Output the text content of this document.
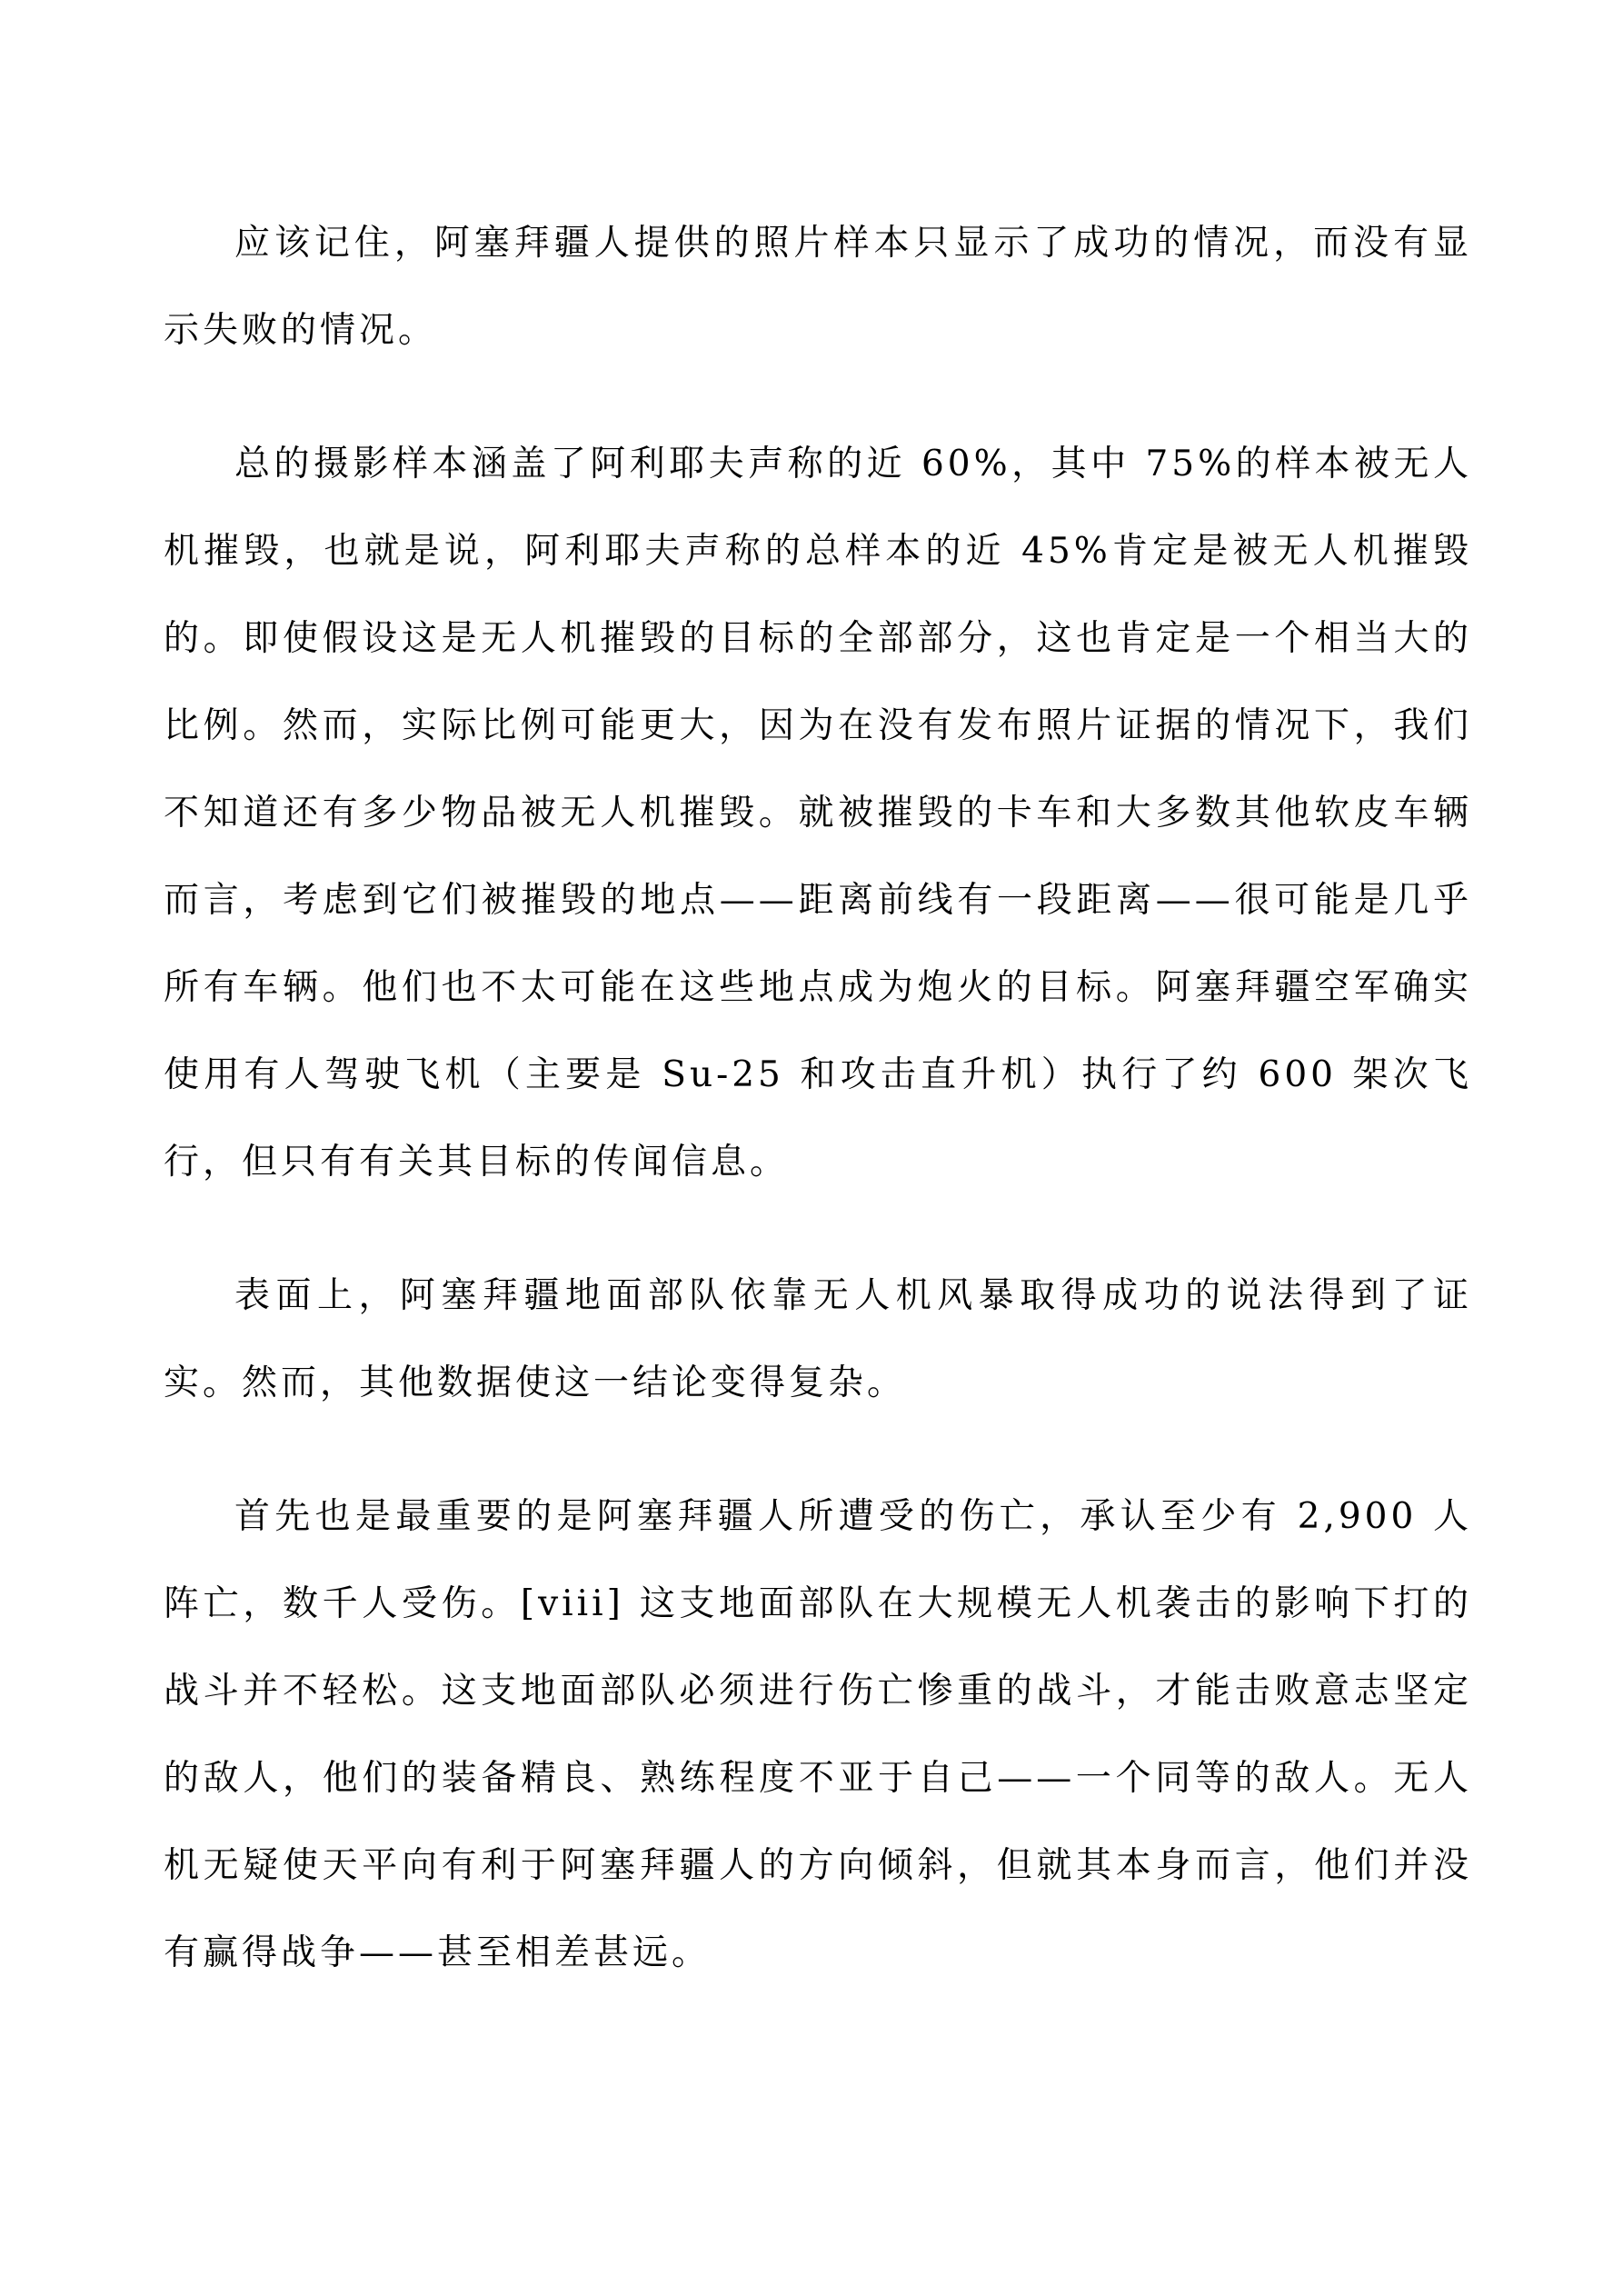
应该记住，阿塞拜疆人提供的照片样本只显示了成功的情况，而没有显示失败的情况。

总的摄影样本涵盖了阿利耶夫声称的近 60%，其中 75%的样本被无人机摧毁，也就是说，阿利耶夫声称的总样本的近 45%肯定是被无人机摧毁的。即使假设这是无人机摧毁的目标的全部部分，这也肯定是一个相当大的比例。然而，实际比例可能更大，因为在没有发布照片证据的情况下，我们不知道还有多少物品被无人机摧毁。就被摧毁的卡车和大多数其他软皮车辆而言，考虑到它们被摧毁的地点——距离前线有一段距离——很可能是几乎所有车辆。他们也不太可能在这些地点成为炮火的目标。阿塞拜疆空军确实使用有人驾驶飞机（主要是 Su-25 和攻击直升机）执行了约 600 架次飞行，但只有有关其目标的传闻信息。

表面上，阿塞拜疆地面部队依靠无人机风暴取得成功的说法得到了证实。然而，其他数据使这一结论变得复杂。

首先也是最重要的是阿塞拜疆人所遭受的伤亡，承认至少有 2,900 人阵亡，数千人受伤。[viii] 这支地面部队在大规模无人机袭击的影响下打的战斗并不轻松。这支地面部队必须进行伤亡惨重的战斗，才能击败意志坚定的敌人，他们的装备精良、熟练程度不亚于自己——一个同等的敌人。无人机无疑使天平向有利于阿塞拜疆人的方向倾斜，但就其本身而言，他们并没有赢得战争——甚至相差甚远。
